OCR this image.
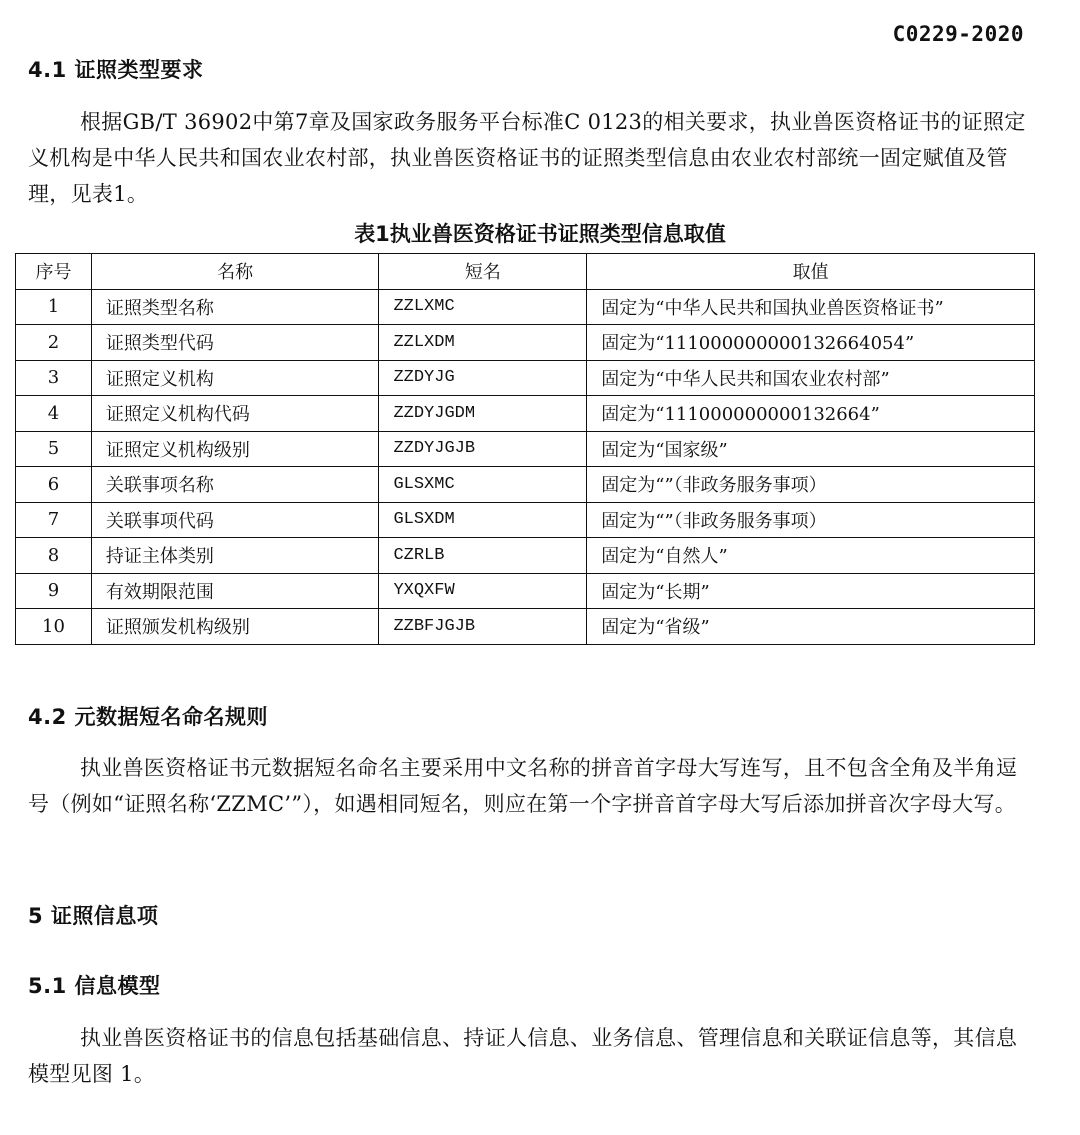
C0229-2020
4.1 证照类型要求

根据GB/T 36902中第7章及国家政务服务平台标准C 0123的相关要求，执业兽医资格证书的证照定义机构是中华人民共和国农业农村部，执业兽医资格证书的证照类型信息由农业农村部统一固定赋值及管理，见表1。

表1执业兽医资格证书证照类型信息取值
序号	名称	短名	取值
1	证照类型名称	ZZLXMC	固定为“中华人民共和国执业兽医资格证书”
2	证照类型代码	ZZLXDM	固定为“111000000000132664054”
3	证照定义机构	ZZDYJG	固定为“中华人民共和国农业农村部”
4	证照定义机构代码	ZZDYJGDM	固定为“111000000000132664”
5	证照定义机构级别	ZZDYJGJB	固定为“国家级”
6	关联事项名称	GLSXMC	固定为“”（非政务服务事项）
7	关联事项代码	GLSXDM	固定为“”（非政务服务事项）
8	持证主体类别	CZRLB	固定为“自然人”
9	有效期限范围	YXQXFW	固定为“长期”
10	证照颁发机构级别	ZZBFJGJB	固定为“省级”
4.2 元数据短名命名规则

执业兽医资格证书元数据短名命名主要采用中文名称的拼音首字母大写连写，且不包含全角及半角逗号（例如“证照名称‘ZZMC’”），如遇相同短名，则应在第一个字拼音首字母大写后添加拼音次字母大写。

5 证照信息项
5.1 信息模型

执业兽医资格证书的信息包括基础信息、持证人信息、业务信息、管理信息和关联证信息等，其信息模型见图 1。
